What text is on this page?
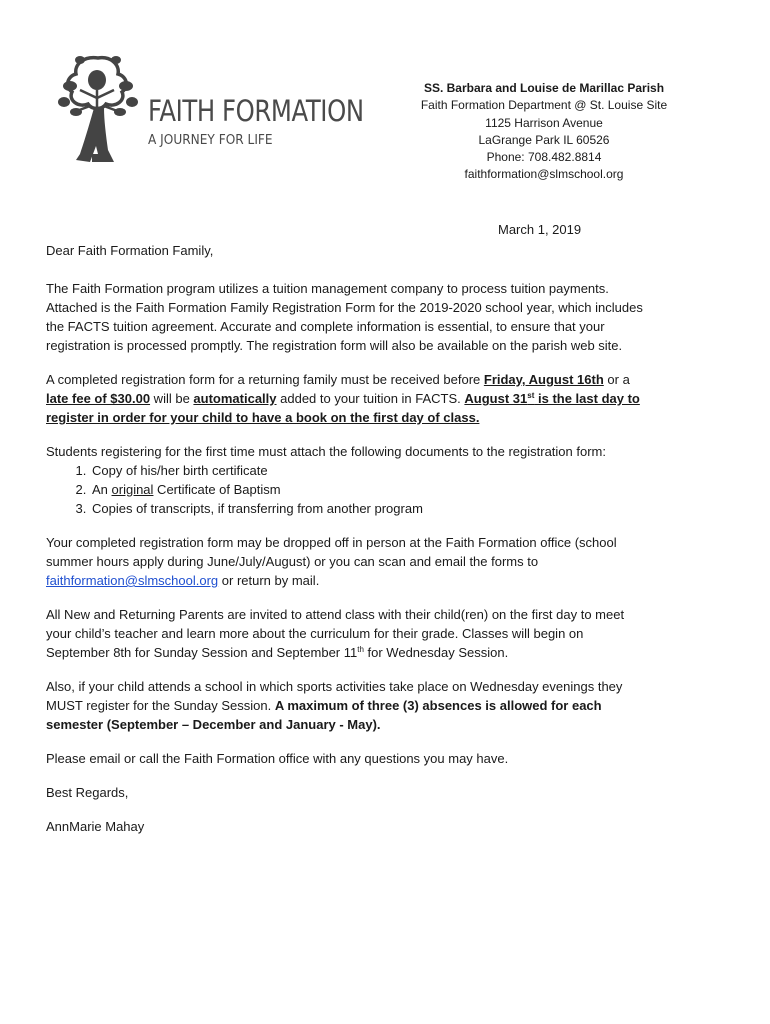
FAITH FORMATION
A JOURNEY FOR LIFE
SS. Barbara and Louise de Marillac Parish
Faith Formation Department @ St. Louise Site
1125 Harrison Avenue
LaGrange Park IL 60526
Phone: 708.482.8814
faithformation@slmschool.org
March 1, 2019

Dear Faith Formation Family,

The Faith Formation program utilizes a tuition management company to process tuition payments. Attached is the Faith Formation Family Registration Form for the 2019-2020 school year, which includes the FACTS tuition agreement. Accurate and complete information is essential, to ensure that your registration is processed promptly. The registration form will also be available on the parish web site.

A completed registration form for a returning family must be received before Friday, August 16th or a late fee of $30.00 will be automatically added to your tuition in FACTS. August 31st is the last day to register in order for your child to have a book on the first day of class.

Students registering for the first time must attach the following documents to the registration form:

1. Copy of his/her birth certificate
2. An original Certificate of Baptism
3. Copies of transcripts, if transferring from another program

Your completed registration form may be dropped off in person at the Faith Formation office (school summer hours apply during June/July/August) or you can scan and email the forms to faithformation@slmschool.org or return by mail.

All New and Returning Parents are invited to attend class with their child(ren) on the first day to meet your child’s teacher and learn more about the curriculum for their grade. Classes will begin on September 8th for Sunday Session and September 11th for Wednesday Session.

Also, if your child attends a school in which sports activities take place on Wednesday evenings they MUST register for the Sunday Session. A maximum of three (3) absences is allowed for each semester (September – December and January - May).

Please email or call the Faith Formation office with any questions you may have.

Best Regards,

AnnMarie Mahay
